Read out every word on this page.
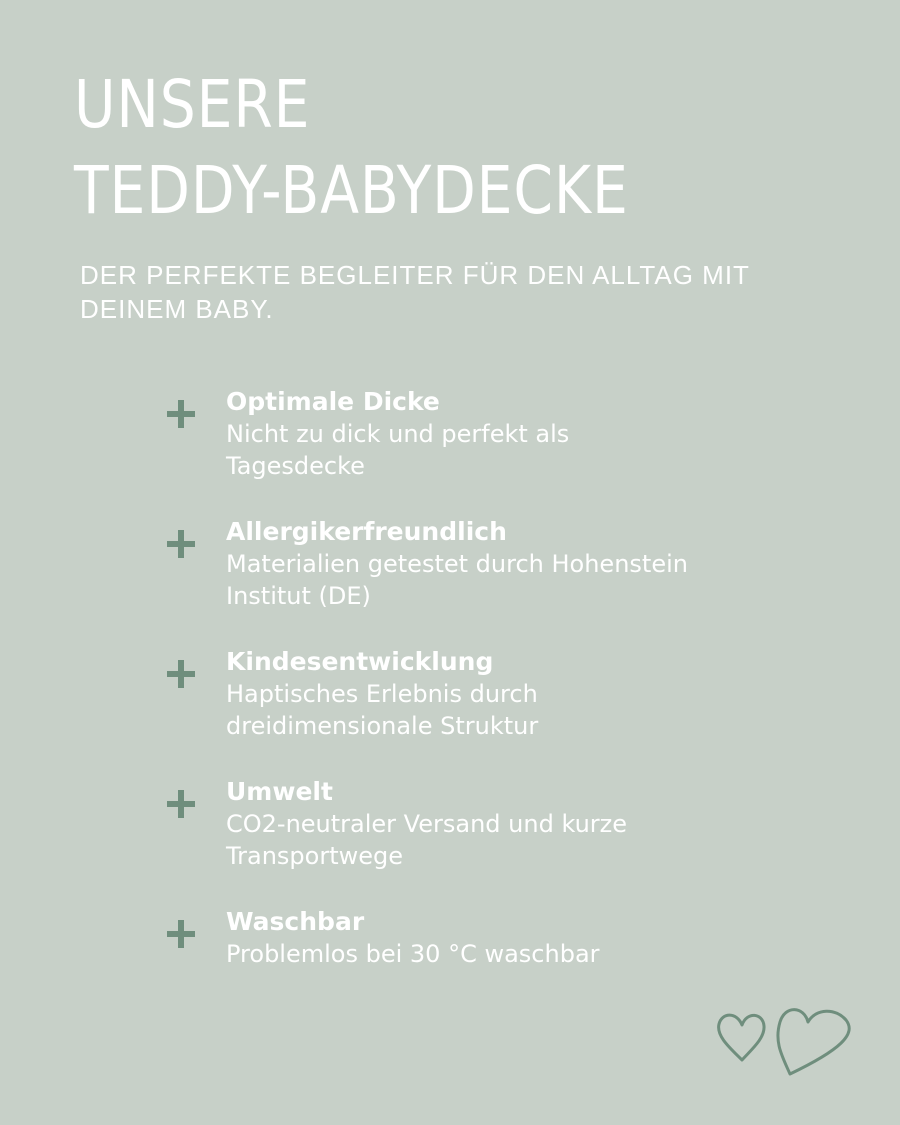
UNSERE
TEDDY-BABYDECKE

DER PERFEKTE BEGLEITER FÜR DEN ALLTAG MIT DEINEM BABY.

Optimale Dicke
Nicht zu dick und perfekt als
Tagesdecke
Allergikerfreundlich
Materialien getestet durch Hohenstein
Institut (DE)
Kindesentwicklung
Haptisches Erlebnis durch
dreidimensionale Struktur
Umwelt
CO2-neutraler Versand und kurze
Transportwege
Waschbar
Problemlos bei 30 °C waschbar
